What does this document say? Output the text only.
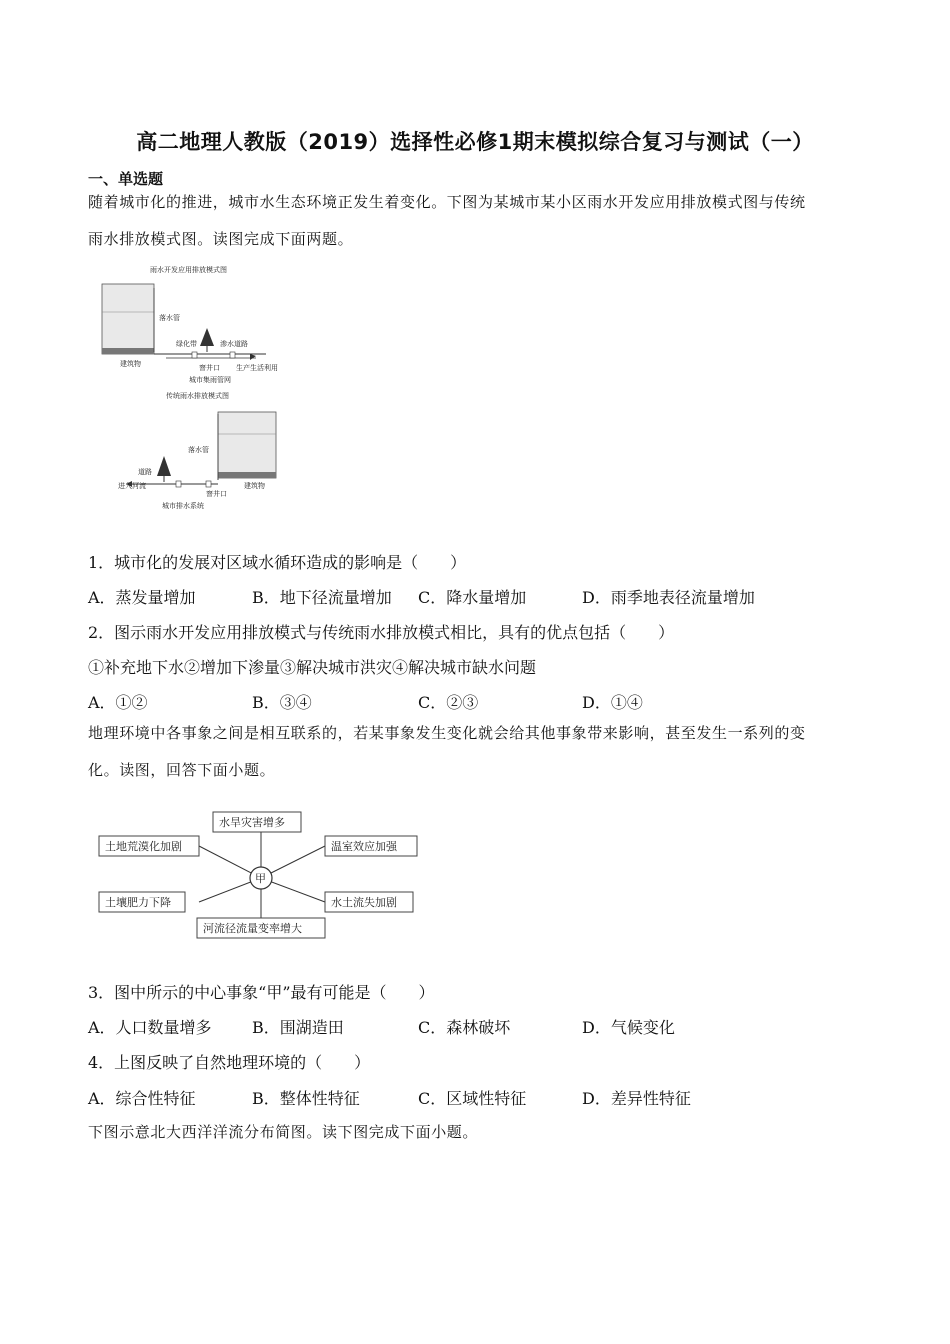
高二地理人教版（2019）选择性必修1期末模拟综合复习与测试（一）
一、单选题
随着城市化的推进，城市水生态环境正发生着变化。下图为某城市某小区雨水开发应用排放模式图与传统
雨水排放模式图。读图完成下面两题。
雨水开发应用排放模式图
落水管
绿化带	渗水道路
建筑物	窨井口 生产生活利用
城市集雨管网
传统雨水排放模式图
落水管
道路
进入河流
窨井口
建筑物
城市排水系统
1．城市化的发展对区域水循环造成的影响是（　　）
A．蒸发量增加	B．地下径流量增加 C．降水量增加	D．雨季地表径流量增加
2．图示雨水开发应用排放模式与传统雨水排放模式相比，具有的优点包括（　　）
①补充地下水②增加下渗量③解决城市洪灾④解决城市缺水问题
A．①②	B．③④	C．②③	D．①④
地理环境中各事象之间是相互联系的，若某事象发生变化就会给其他事象带来影响，甚至发生一系列的变
化。读图，回答下面小题。
水旱灾害增多
土地荒漠化加剧	温室效应加强
土壤肥力下降	水土流失加剧
河流径流量变率增大
甲
3．图中所示的中心事象“甲”最有可能是（　　）
A．人口数量增多	B．围湖造田	C．森林破坏	D．气候变化
4．上图反映了自然地理环境的（　　）
A．综合性特征	B．整体性特征	C．区域性特征	D．差异性特征
下图示意北大西洋洋流分布简图。读下图完成下面小题。
